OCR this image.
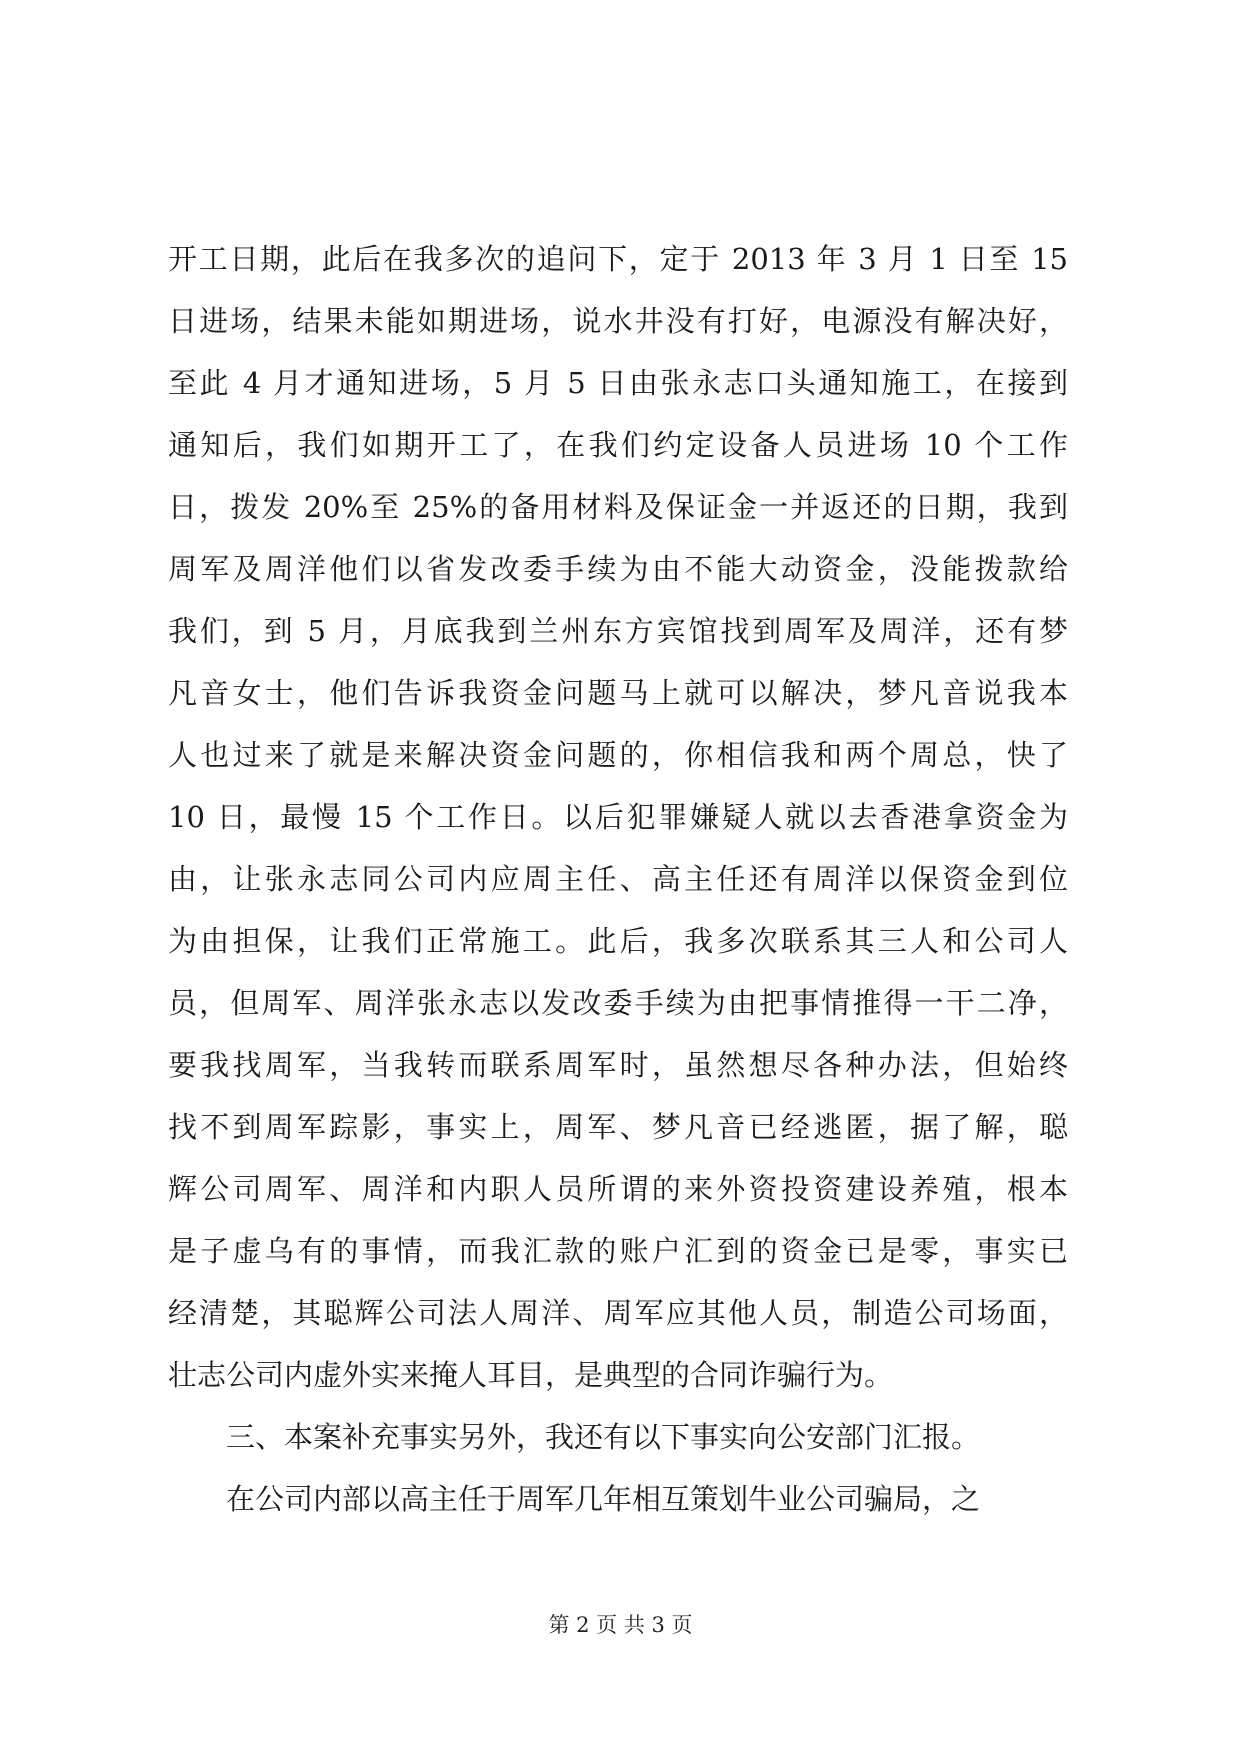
开工日期，此后在我多次的追问下，定于 2013 年 3 月 1 日至 15
日进场，结果未能如期进场，说水井没有打好，电源没有解决好，
至此 4 月才通知进场，5 月 5 日由张永志口头通知施工，在接到
通知后，我们如期开工了，在我们约定设备人员进场 10 个工作
日，拨发 20%至 25%的备用材料及保证金一并返还的日期，我到
周军及周洋他们以省发改委手续为由不能大动资金，没能拨款给
我们，到 5 月，月底我到兰州东方宾馆找到周军及周洋，还有梦
凡音女士，他们告诉我资金问题马上就可以解决，梦凡音说我本
人也过来了就是来解决资金问题的，你相信我和两个周总，快了
10 日，最慢 15 个工作日。以后犯罪嫌疑人就以去香港拿资金为
由，让张永志同公司内应周主任、高主任还有周洋以保资金到位
为由担保，让我们正常施工。此后，我多次联系其三人和公司人
员，但周军、周洋张永志以发改委手续为由把事情推得一干二净，
要我找周军，当我转而联系周军时，虽然想尽各种办法，但始终
找不到周军踪影，事实上，周军、梦凡音已经逃匿，据了解，聪
辉公司周军、周洋和内职人员所谓的来外资投资建设养殖，根本
是子虚乌有的事情，而我汇款的账户汇到的资金已是零，事实已
经清楚，其聪辉公司法人周洋、周军应其他人员，制造公司场面，
壮志公司内虚外实来掩人耳目，是典型的合同诈骗行为。
　　三、本案补充事实另外，我还有以下事实向公安部门汇报。
　　在公司内部以高主任于周军几年相互策划牛业公司骗局，之
第 2 页 共 3 页
